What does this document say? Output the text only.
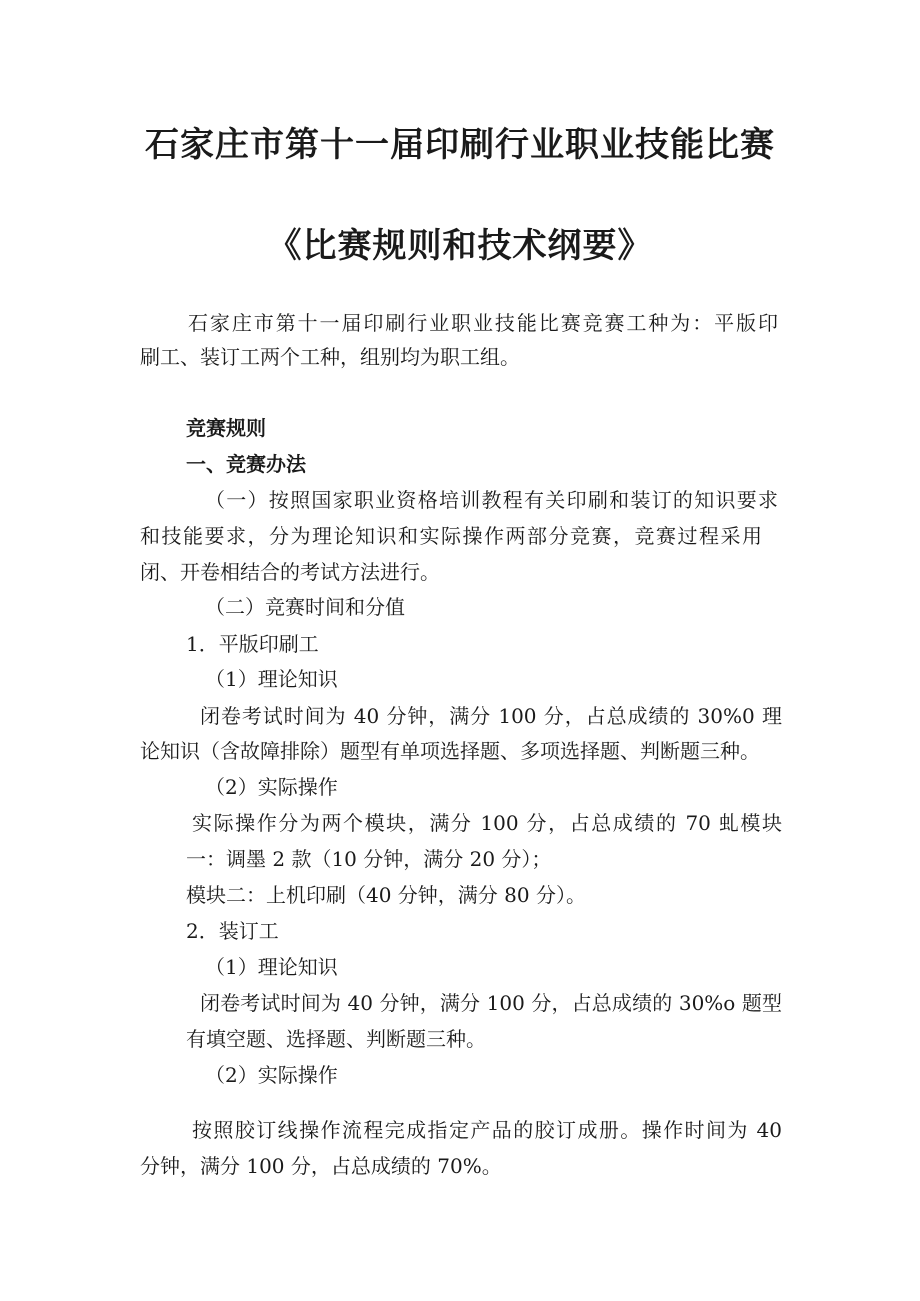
石家庄市第十一届印刷行业职业技能比赛
《比赛规则和技术纲要》
石家庄市第十一届印刷行业职业技能比赛竞赛工种为：平版印
刷工、装订工两个工种，组别均为职工组。
竞赛规则
一、竞赛办法
（一）按照国家职业资格培训教程有关印刷和装订的知识要求
和技能要求，分为理论知识和实际操作两部分竞赛，竞赛过程采用
闭、开卷相结合的考试方法进行。
（二）竞赛时间和分值
1．平版印刷工
（1）理论知识
闭卷考试时间为 40 分钟，满分 100 分，占总成绩的 30%0 理
论知识（含故障排除）题型有单项选择题、多项选择题、判断题三种。
（2）实际操作
实际操作分为两个模块，满分 100 分，占总成绩的 70 虬模块
一：调墨 2 款（10 分钟，满分 20 分）；
模块二：上机印刷（40 分钟，满分 80 分）。
2．装订工
（1）理论知识
闭卷考试时间为 40 分钟，满分 100 分，占总成绩的 30%o 题型
有填空题、选择题、判断题三种。
（2）实际操作
按照胶订线操作流程完成指定产品的胶订成册。操作时间为 40
分钟，满分 100 分，占总成绩的 70%。
